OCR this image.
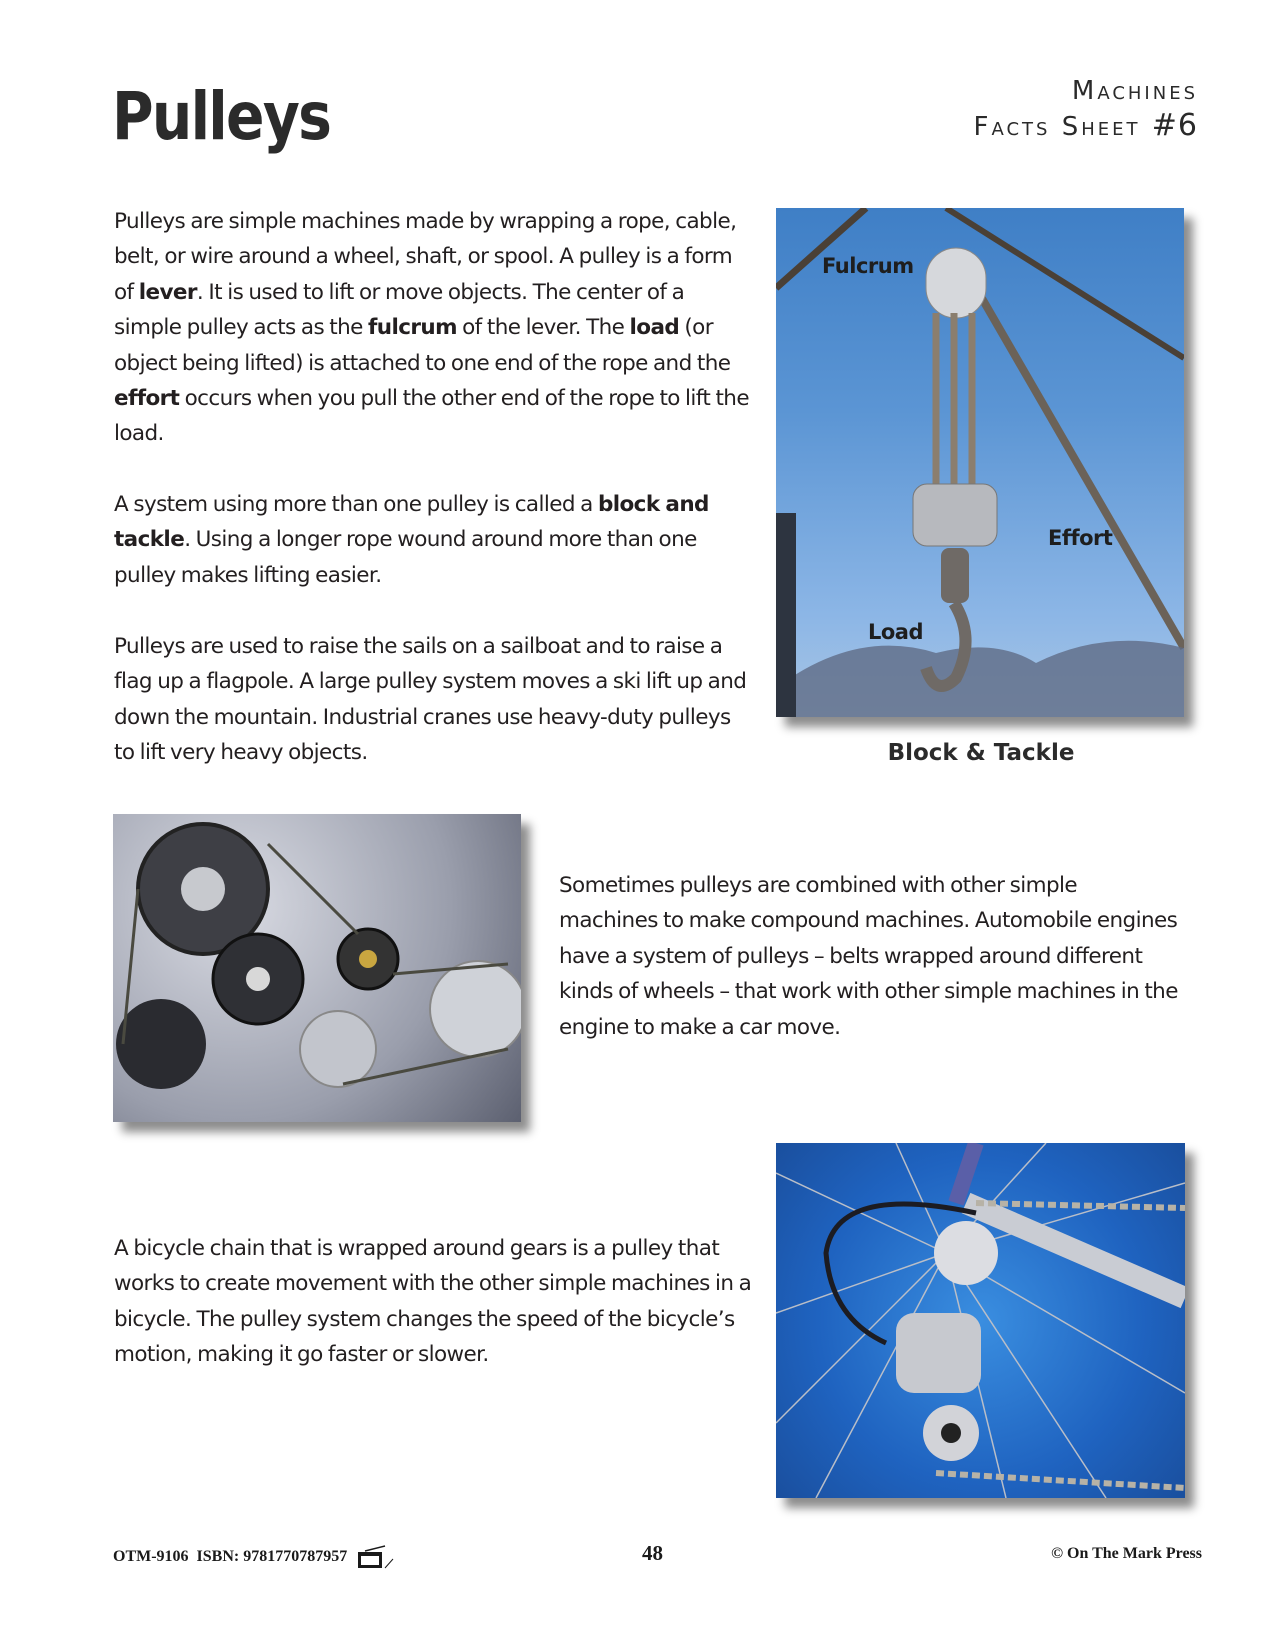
Pulleys	Machines
Facts Sheet #6
Pulleys are simple machines made by wrapping a rope, cable, belt, or wire around a wheel, shaft, or spool. A pulley is a form of lever. It is used to lift or move objects. The center of a simple pulley acts as the fulcrum of the lever. The load (or object being lifted) is attached to one end of the rope and the effort occurs when you pull the other end of the rope to lift the load.
A system using more than one pulley is called a block and tackle. Using a longer rope wound around more than one pulley makes lifting easier.
Pulleys are used to raise the sails on a sailboat and to raise a flag up a flagpole. A large pulley system moves a ski lift up and down the mountain. Industrial cranes use heavy-duty pulleys to lift very heavy objects.
Fulcrum
Effort
Load
Block & Tackle
Sometimes pulleys are combined with other simple machines to make compound machines. Automobile engines have a system of pulleys – belts wrapped around different kinds of wheels – that work with other simple machines in the engine to make a car move.
A bicycle chain that is wrapped around gears is a pulley that works to create movement with the other simple machines in a bicycle. The pulley system changes the speed of the bicycle’s motion, making it go faster or slower.
OTM-9106 ISBN: 9781770787957	48	© On The Mark Press
